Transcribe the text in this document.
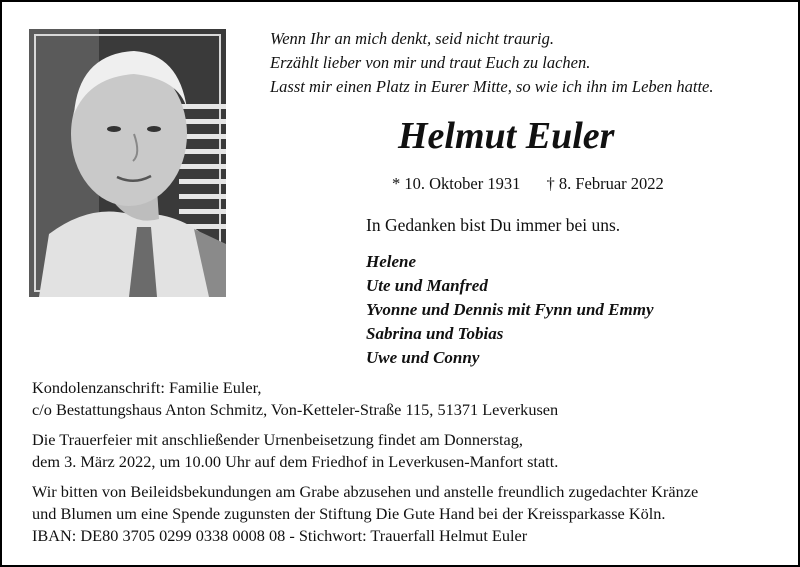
Wenn Ihr an mich denkt, seid nicht traurig.
Erzählt lieber von mir und traut Euch zu lachen.
Lasst mir einen Platz in Eurer Mitte, so wie ich ihn im Leben hatte.
Helmut Euler
* 10. Oktober 1931 † 8. Februar 2022
In Gedanken bist Du immer bei uns.
Helene
Ute und Manfred
Yvonne und Dennis mit Fynn und Emmy
Sabrina und Tobias
Uwe und Conny
Kondolenzanschrift: Familie Euler,
c/o Bestattungshaus Anton Schmitz, Von-Ketteler-Straße 115, 51371 Leverkusen
Die Trauerfeier mit anschließender Urnenbeisetzung findet am Donnerstag,
dem 3. März 2022, um 10.00 Uhr auf dem Friedhof in Leverkusen-Manfort statt.
Wir bitten von Beileidsbekundungen am Grabe abzusehen und anstelle freundlich zugedachter Kränze
und Blumen um eine Spende zugunsten der Stiftung Die Gute Hand bei der Kreissparkasse Köln.
IBAN: DE80 3705 0299 0338 0008 08 - Stichwort: Trauerfall Helmut Euler
